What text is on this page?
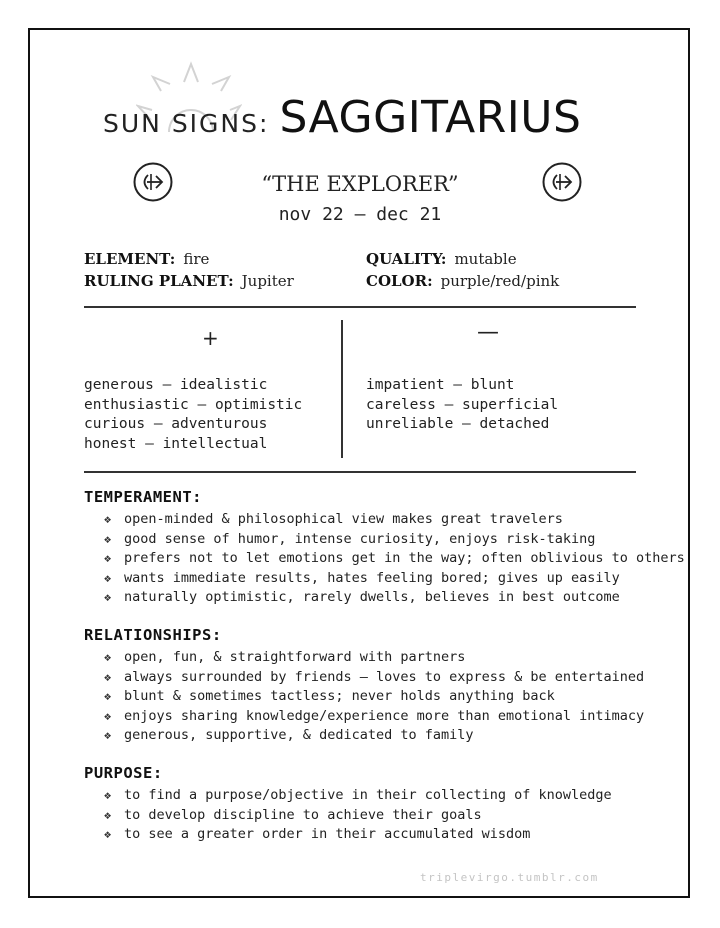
SUN SIGNS: SAGGITARIUS
“THE EXPLORER”
nov 22 – dec 21
ELEMENT: fire
RULING PLANET: Jupiter
QUALITY: mutable
COLOR: purple/red/pink
+	—
generous – idealistic
enthusiastic – optimistic
curious – adventurous
honest – intellectual
impatient – blunt
careless – superficial
unreliable – detached
TEMPERAMENT:
❖ open-minded & philosophical view makes great travelers
❖ good sense of humor, intense curiosity, enjoys risk-taking
❖ prefers not to let emotions get in the way; often oblivious to others
❖ wants immediate results, hates feeling bored; gives up easily
❖ naturally optimistic, rarely dwells, believes in best outcome
RELATIONSHIPS:
❖ open, fun, & straightforward with partners
❖ always surrounded by friends – loves to express & be entertained
❖ blunt & sometimes tactless; never holds anything back
❖ enjoys sharing knowledge/experience more than emotional intimacy
❖ generous, supportive, & dedicated to family
PURPOSE:
❖ to find a purpose/objective in their collecting of knowledge
❖ to develop discipline to achieve their goals
❖ to see a greater order in their accumulated wisdom
triplevirgo.tumblr.com
